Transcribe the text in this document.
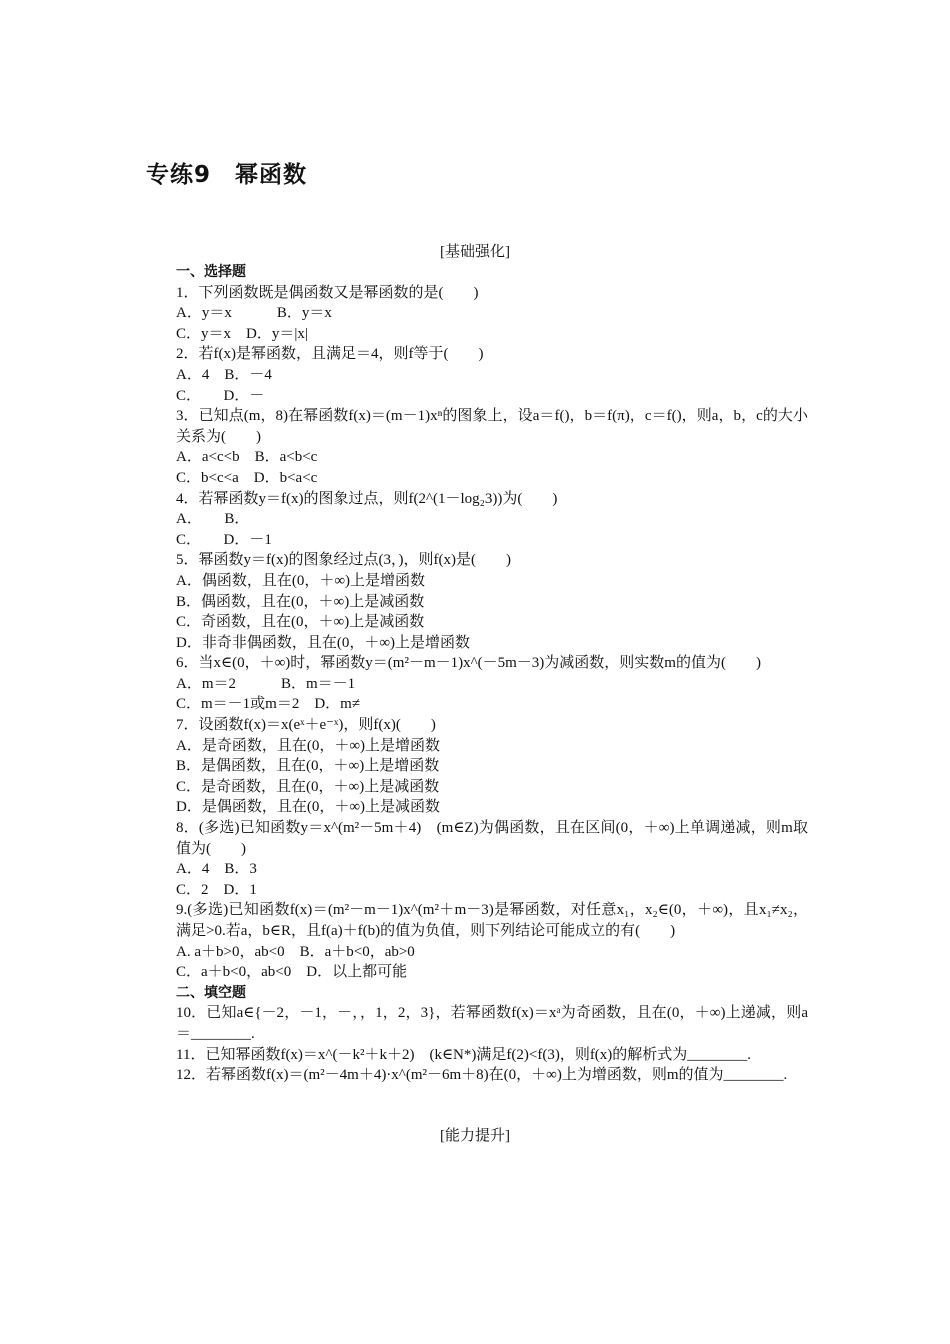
专练9　幂函数
[基础强化]
一、选择题
1．下列函数既是偶函数又是幂函数的是(　　)
A．y＝x　　　B．y＝x
C．y＝x　D．y＝|x|
2．若f(x)是幂函数，且满足＝4，则f等于(　　)
A．4　B．－4
C．　　D．－
3．已知点(m，8)在幂函数f(x)＝(m－1)xⁿ的图象上，设a＝f()，b＝f(π)，c＝f()，则a，b，c的大小关系为(　　)
A．a<c<b　B．a<b<c
C．b<c<a　D．b<a<c
4．若幂函数y＝f(x)的图象过点，则f(2^(1－log₂3))为(　　)
A．　　B．
C．　　D．－1
5．幂函数y＝f(x)的图象经过点(3，)，则f(x)是(　　)
A．偶函数，且在(0，＋∞)上是增函数
B．偶函数，且在(0，＋∞)上是减函数
C．奇函数，且在(0，＋∞)上是减函数
D．非奇非偶函数，且在(0，＋∞)上是增函数
6．当x∈(0，＋∞)时，幂函数y＝(m²－m－1)x^(－5m－3)为减函数，则实数m的值为(　　)
A．m＝2　　　B．m＝－1
C．m＝－1或m＝2　D．m≠
7．设函数f(x)＝x(eˣ＋e⁻ˣ)，则f(x)(　　)
A．是奇函数，且在(0，＋∞)上是增函数
B．是偶函数，且在(0，＋∞)上是增函数
C．是奇函数，且在(0，＋∞)上是减函数
D．是偶函数，且在(0，＋∞)上是减函数
8．(多选)已知函数y＝x^(m²－5m＋4)　(m∈Z)为偶函数，且在区间(0，＋∞)上单调递减，则m取值为(　　)
A．4　B．3
C．2　D．1
9.(多选)已知函数f(x)＝(m²－m－1)x^(m²＋m－3)是幂函数，对任意x₁，x₂∈(0，＋∞)，且x₁≠x₂，满足>0.若a，b∈R，且f(a)＋f(b)的值为负值，则下列结论可能成立的有(　　)
A. a＋b>0，ab<0　B．a＋b<0，ab>0
C．a＋b<0，ab<0　D．以上都可能
二、填空题
10．已知a∈{－2，－1，－，，1，2，3}，若幂函数f(x)＝xᵃ为奇函数，且在(0，＋∞)上递减，则a＝________.
11．已知幂函数f(x)＝x^(－k²＋k＋2)　(k∈N*)满足f(2)<f(3)，则f(x)的解析式为________.
12．若幂函数f(x)＝(m²－4m＋4)·x^(m²－6m＋8)在(0，＋∞)上为增函数，则m的值为________.
[能力提升]
